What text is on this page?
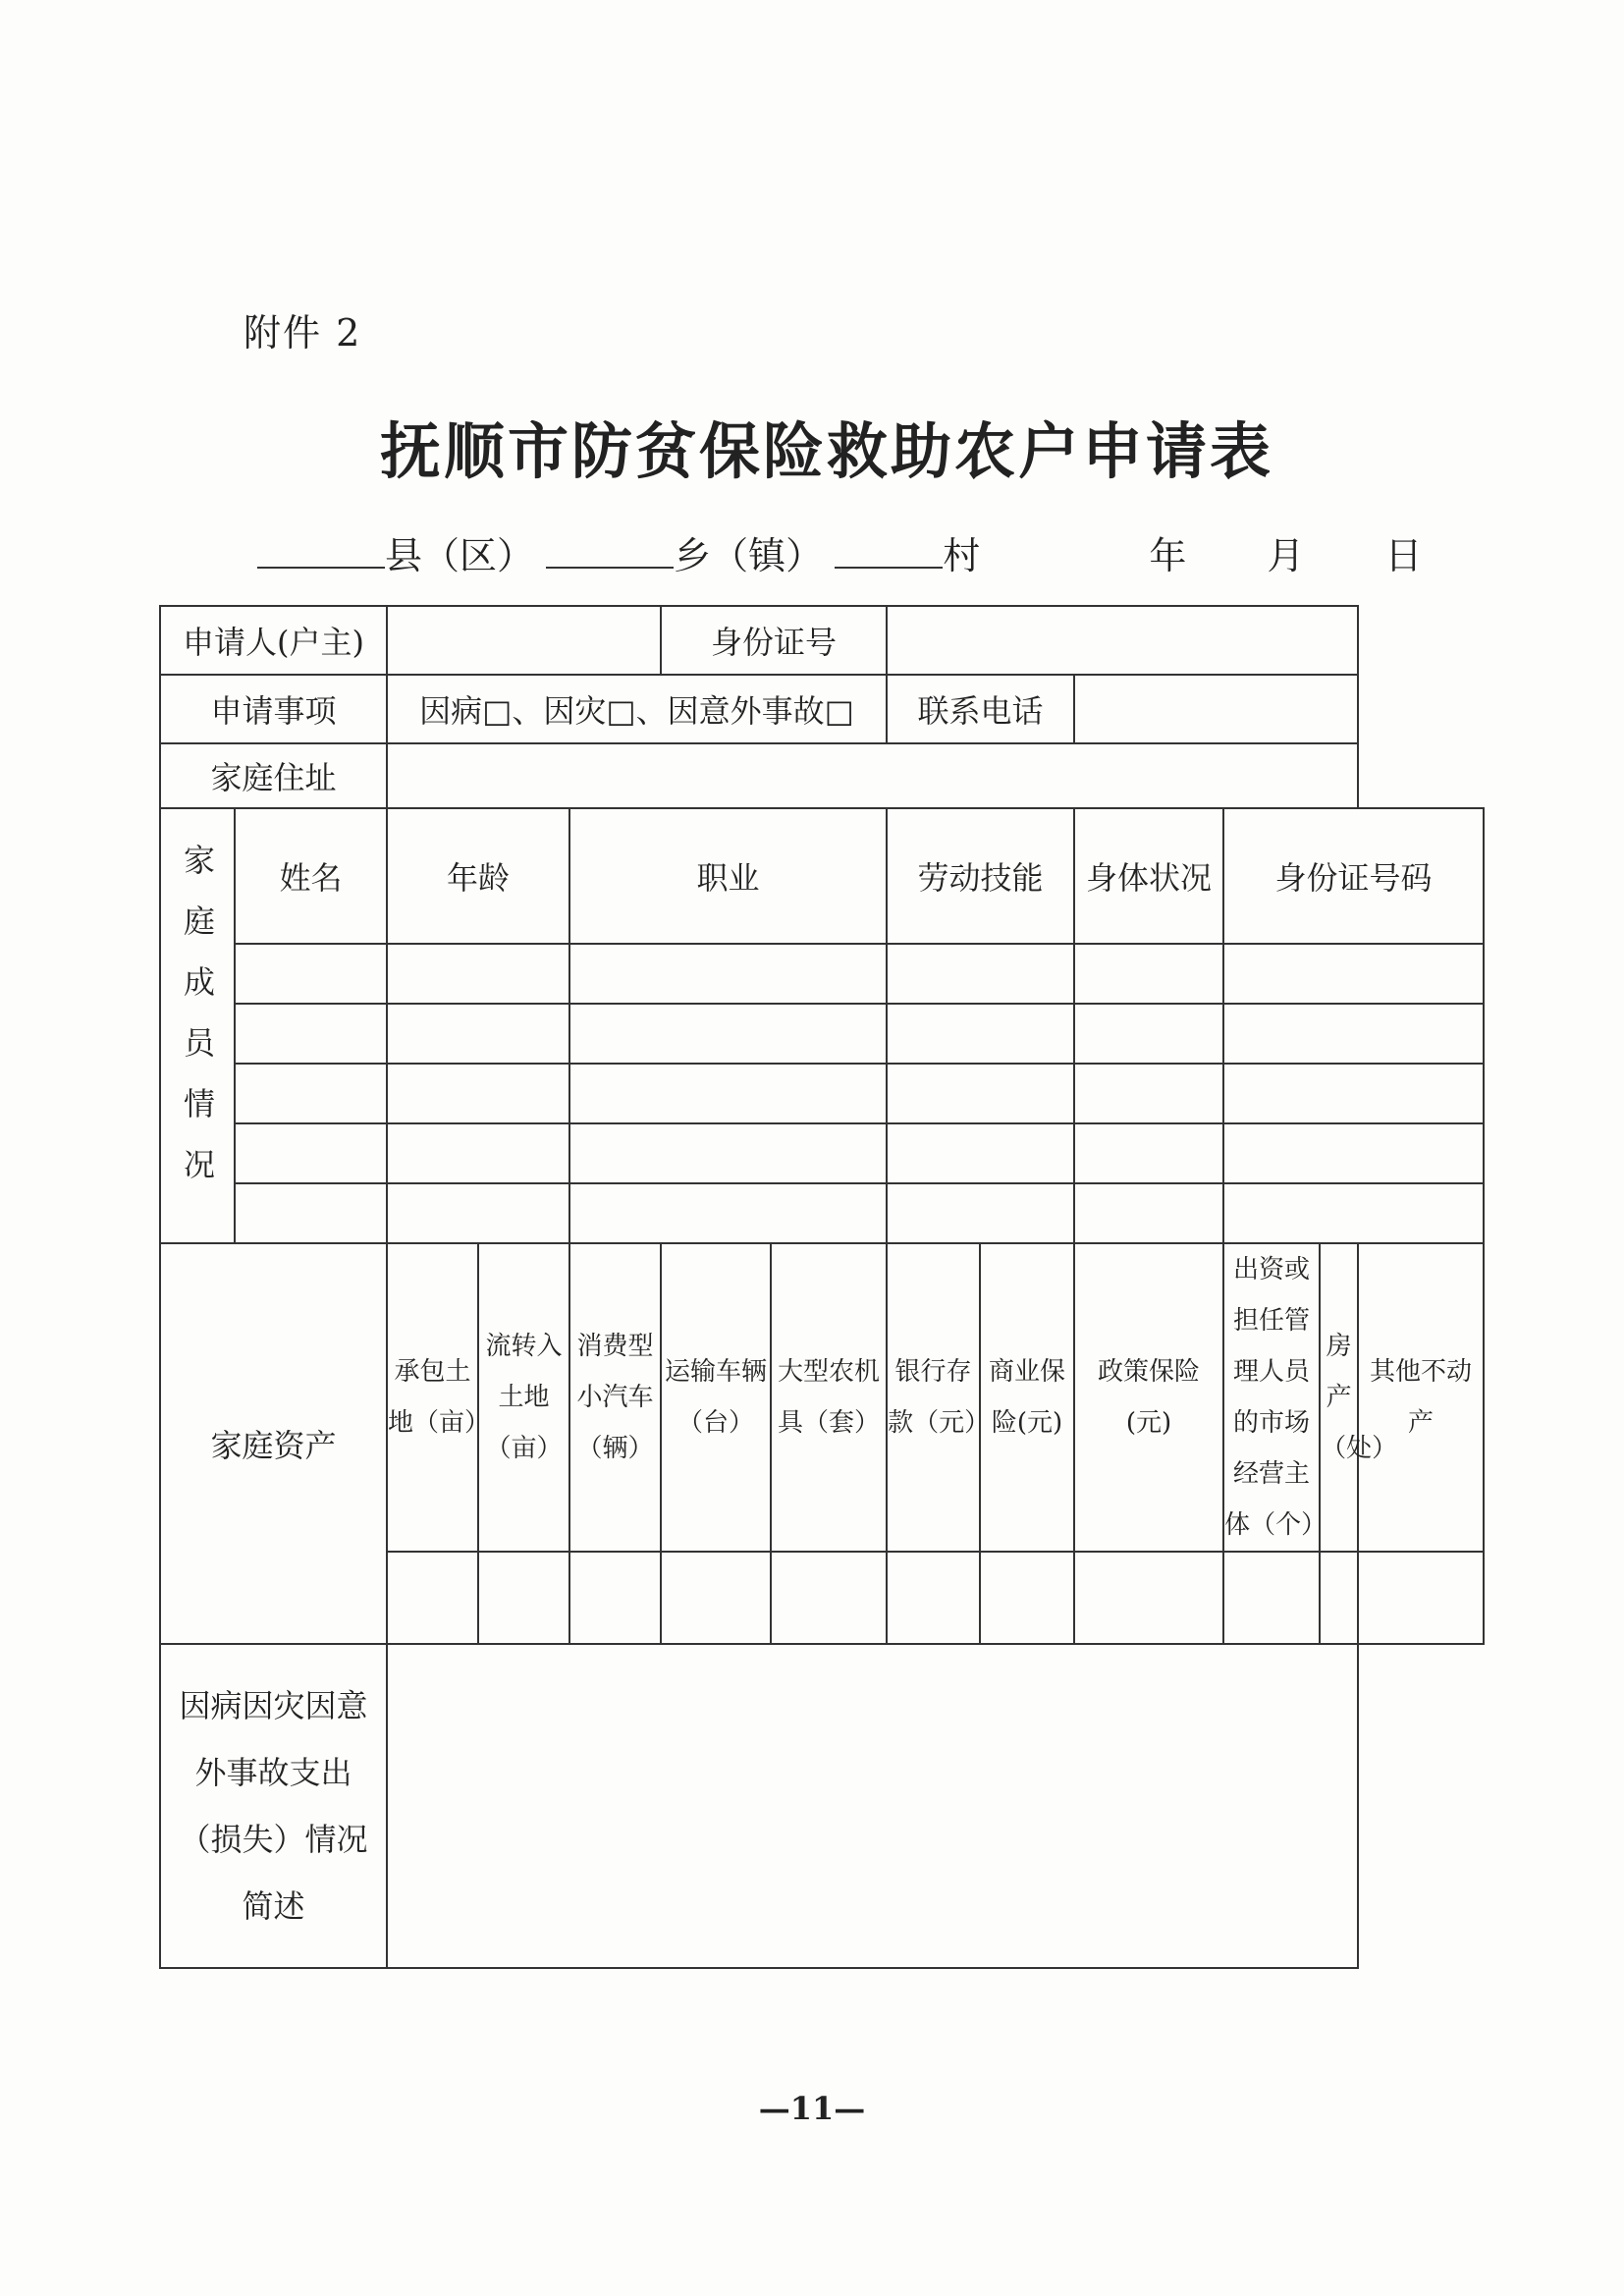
附件 2
抚顺市防贫保险救助农户申请表
县（区）	乡（镇）	村	年 月 日
申请人(户主)					身份证号							
申请事项		因病□、因灾□、因意外事故□					联系电话					
家庭住址												
家庭成员情况	姓名	年龄		职业			劳动技能		身体状况	身份证号码		

家庭资产		承包土地（亩）	流转入土地（亩）	消费型小汽车（辆）	运输车辆（台）	大型农机具（套）	银行存款（元）	商业保险(元)	政策保险(元)	出资或担任管理人员的市场经营主体（个）	房产（处）	其他不动产

因病因灾因意外事故支出（损失）情况简述												
—11—
